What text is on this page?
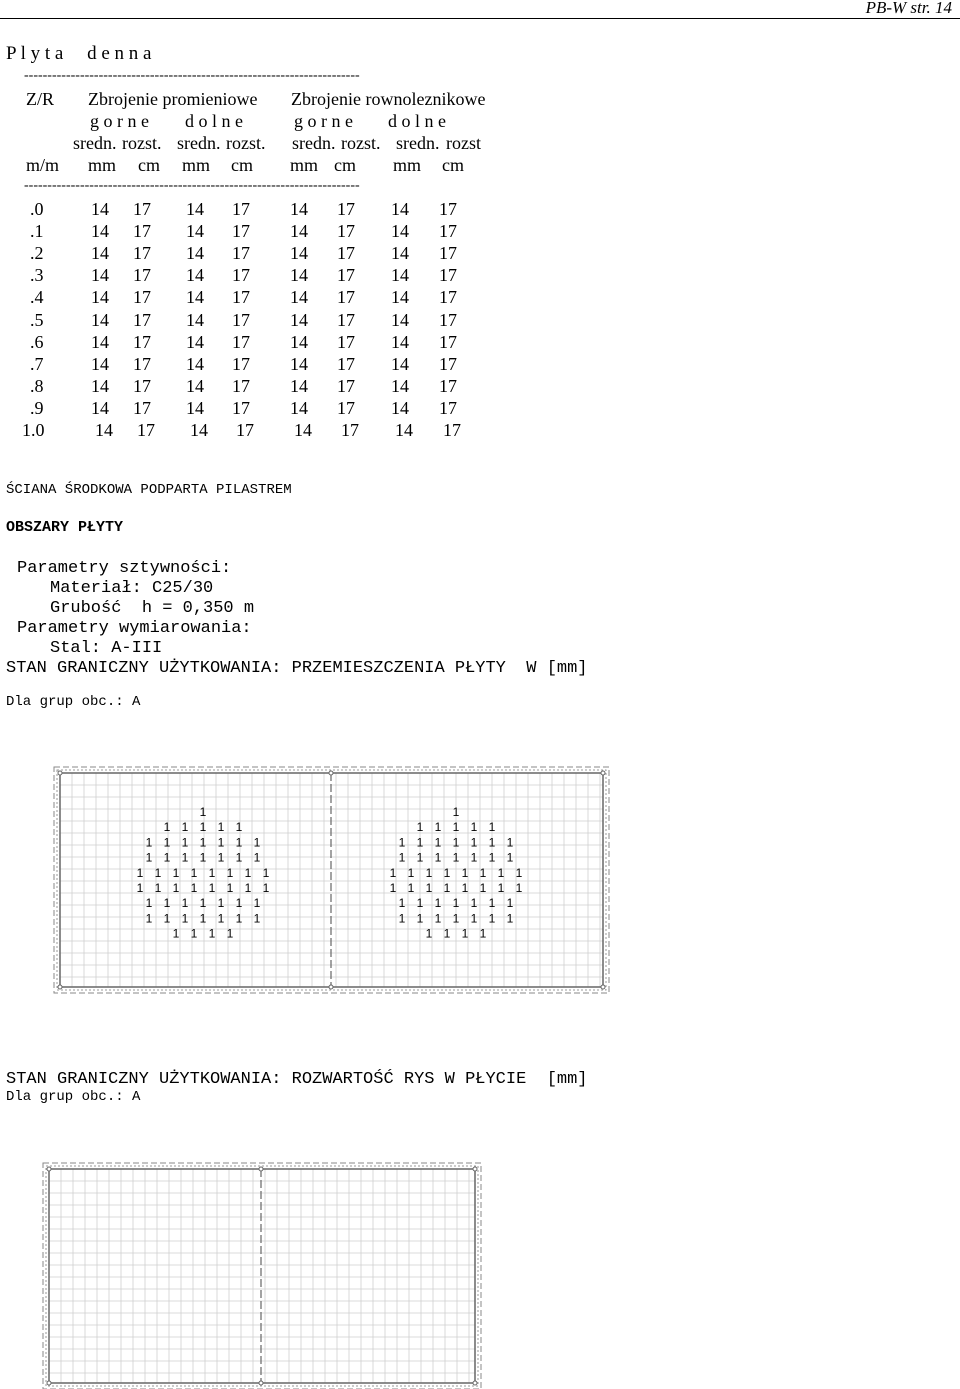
PB-W str. 14
P l y t a     d e n n a
------------------------------------------------------------------------
Z/R Zbrojenie promieniowe Zbrojenie rownoleznikowe
g o r n e d o l n e	g o r n e d o l n e
sredn. rozst. sredn. rozst. sredn. rozst. sredn. rozst
m/m mm cm mm cm mm cm mm cm
------------------------------------------------------------------------
.0	14 17 14 17 14 17 14 17
.1	14 17 14 17 14 17 14 17
.2	14 17 14 17 14 17 14 17
.3	14 17 14 17 14 17 14 17
.4	14 17 14 17 14 17 14 17
.5	14 17 14 17 14 17 14 17
.6	14 17 14 17 14 17 14 17
.7	14 17 14 17 14 17 14 17
.8	14 17 14 17 14 17 14 17
.9	14 17 14 17 14 17 14 17
1.0	14 17 14 17 14 17 14 17
ŚCIANA ŚRODKOWA PODPARTA PILASTREM
OBSZARY PŁYTY
Parametry sztywności:
Materiał: C25/30
Grubość  h = 0,350 m
Parametry wymiarowania:
Stal: A-III
STAN GRANICZNY UŻYTKOWANIA: PRZEMIESZCZENIA PŁYTY  W [mm]
Dla grup obc.: A
1
1 1 1 1 1
1 1 1 1 1 1 1
1 1 1 1 1 1 1
1 1 1 1 1 1 1 1
1 1 1 1 1 1 1 1
1 1 1 1 1 1 1
1 1 1 1 1 1 1
1 1 1 1
1
1 1 1 1 1
1 1 1 1 1 1 1
1 1 1 1 1 1 1
1 1 1 1 1 1 1 1
1 1 1 1 1 1 1 1
1 1 1 1 1 1 1
1 1 1 1 1 1 1
1 1 1 1
STAN GRANICZNY UŻYTKOWANIA: ROZWARTOŚĆ RYS W PŁYCIE  [mm]
Dla grup obc.: A
